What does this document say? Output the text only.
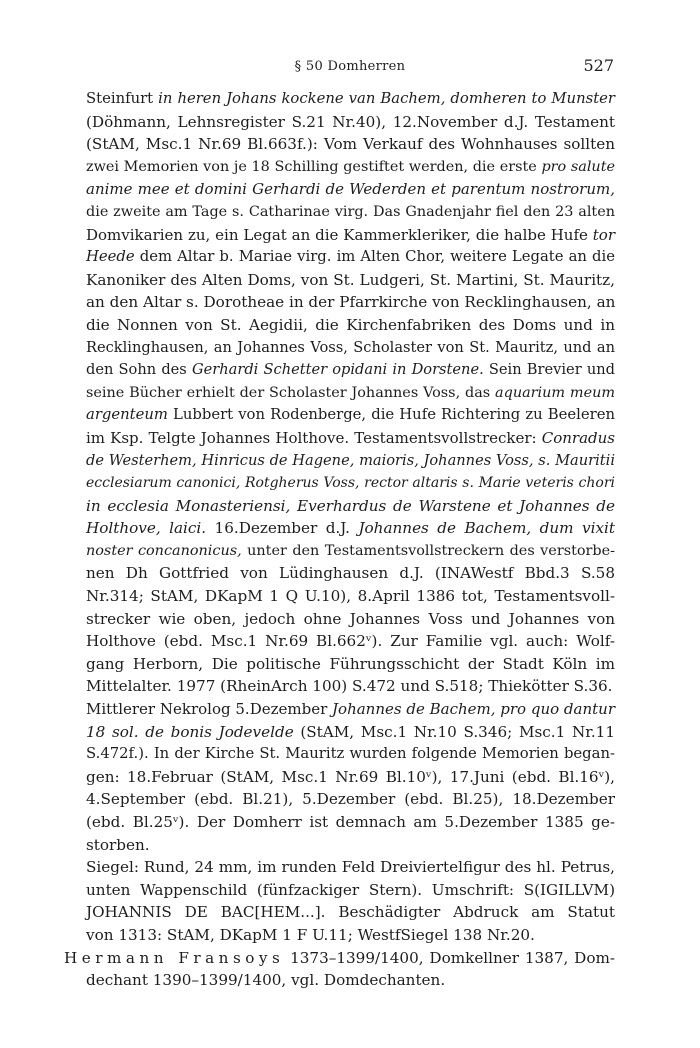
§ 50 Domherren	527
Steinfurt in heren Johans kockene van Bachem, domheren to Munster
(Döhmann, Lehnsregister S.21 Nr.40), 12.November d.J. Testament
(StAM, Msc.1 Nr.69 Bl.663f.): Vom Verkauf des Wohnhauses sollten
zwei Memorien von je 18 Schilling gestiftet werden, die erste pro salute
anime mee et domini Gerhardi de Wederden et parentum nostrorum,
die zweite am Tage s. Catharinae virg. Das Gnadenjahr fiel den 23 alten
Domvikarien zu, ein Legat an die Kammerkleriker, die halbe Hufe tor
Heede dem Altar b. Mariae virg. im Alten Chor, weitere Legate an die
Kanoniker des Alten Doms, von St. Ludgeri, St. Martini, St. Mauritz,
an den Altar s. Dorotheae in der Pfarrkirche von Recklinghausen, an
die Nonnen von St. Aegidii, die Kirchenfabriken des Doms und in
Recklinghausen, an Johannes Voss, Scholaster von St. Mauritz, und an
den Sohn des Gerhardi Schetter opidani in Dorstene. Sein Brevier und
seine Bücher erhielt der Scholaster Johannes Voss, das aquarium meum
argenteum Lubbert von Rodenberge, die Hufe Richtering zu Beeleren
im Ksp. Telgte Johannes Holthove. Testamentsvollstrecker: Conradus
de Westerhem, Hinricus de Hagene, maioris, Johannes Voss, s. Mauritii
ecclesiarum canonici, Rotgherus Voss, rector altaris s. Marie veteris chori
in ecclesia Monasteriensi, Everhardus de Warstene et Johannes de
Holthove, laici. 16.Dezember d.J. Johannes de Bachem, dum vixit
noster concanonicus, unter den Testamentsvollstreckern des verstorbe-
nen Dh Gottfried von Lüdinghausen d.J. (INAWestf Bbd.3 S.58
Nr.314; StAM, DKapM 1 Q U.10), 8.April 1386 tot, Testamentsvoll-
strecker wie oben, jedoch ohne Johannes Voss und Johannes von
Holthove (ebd. Msc.1 Nr.69 Bl.662ᵛ). Zur Familie vgl. auch: Wolf-
gang Herborn, Die politische Führungsschicht der Stadt Köln im
Mittelalter. 1977 (RheinArch 100) S.472 und S.518; Thiekötter S.36.
Mittlerer Nekrolog 5.Dezember Johannes de Bachem, pro quo dantur
18 sol. de bonis Jodevelde (StAM, Msc.1 Nr.10 S.346; Msc.1 Nr.11
S.472f.). In der Kirche St. Mauritz wurden folgende Memorien began-
gen: 18.Februar (StAM, Msc.1 Nr.69 Bl.10ᵛ), 17.Juni (ebd. Bl.16ᵛ),
4.September (ebd. Bl.21), 5.Dezember (ebd. Bl.25), 18.Dezember
(ebd. Bl.25ᵛ). Der Domherr ist demnach am 5.Dezember 1385 ge-
storben.
Siegel: Rund, 24 mm, im runden Feld Dreiviertelfigur des hl. Petrus,
unten Wappenschild (fünfzackiger Stern). Umschrift: S(IGILLVM)
JOHANNIS DE BAC[HEM...]. Beschädigter Abdruck am Statut
von 1313: StAM, DKapM 1 F U.11; WestfSiegel 138 Nr.20.
Hermann Fransoys 1373–1399/1400, Domkellner 1387, Dom-
dechant 1390–1399/1400, vgl. Domdechanten.
